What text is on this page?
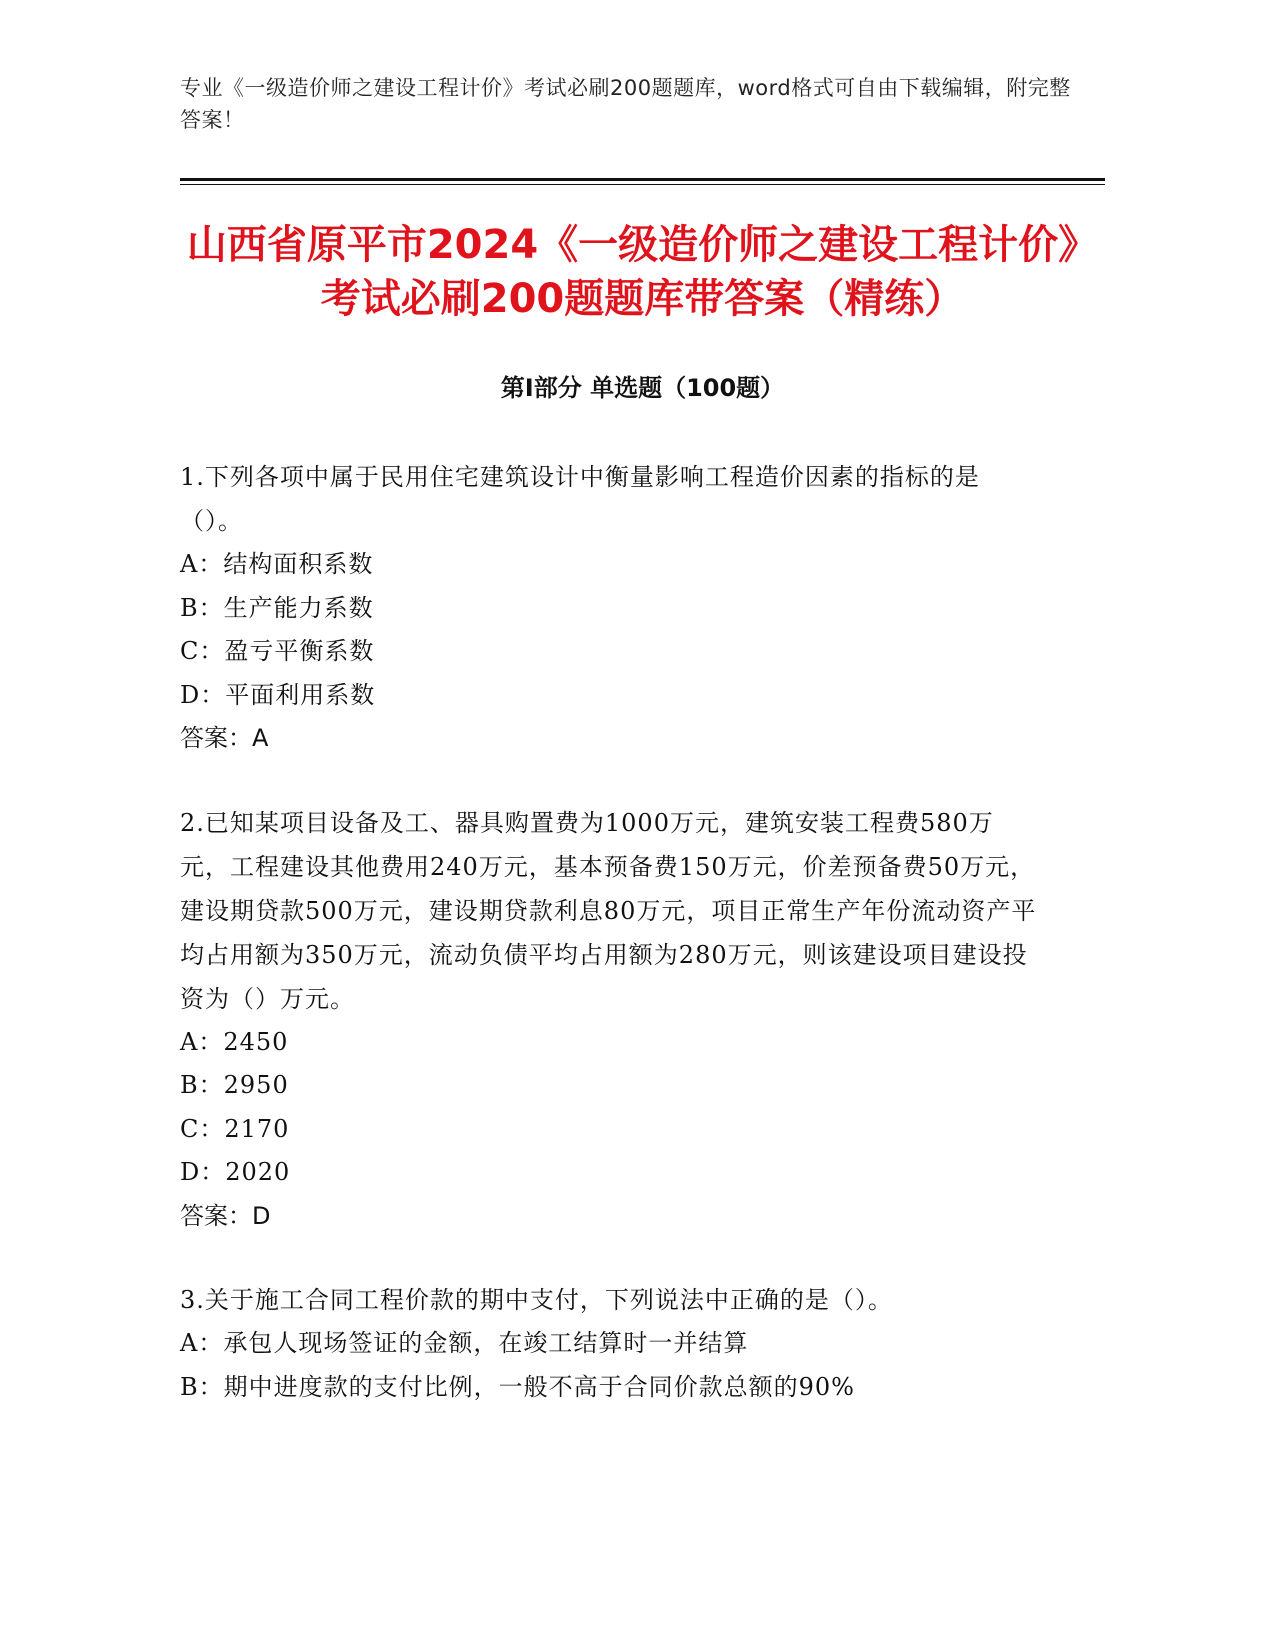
专业《一级造价师之建设工程计价》考试必刷200题题库，word格式可自由下载编辑，附完整答案！
山西省原平市2024《一级造价师之建设工程计价》考试必刷200题题库带答案（精练）
第I部分 单选题（100题）
1.下列各项中属于民用住宅建筑设计中衡量影响工程造价因素的指标的是（）。
A：结构面积系数
B：生产能力系数
C：盈亏平衡系数
D：平面利用系数
答案：A
2.已知某项目设备及工、器具购置费为1000万元，建筑安装工程费580万元，工程建设其他费用240万元，基本预备费150万元，价差预备费50万元，建设期贷款500万元，建设期贷款利息80万元，项目正常生产年份流动资产平均占用额为350万元，流动负债平均占用额为280万元，则该建设项目建设投资为（）万元。
A：2450
B：2950
C：2170
D：2020
答案：D
3.关于施工合同工程价款的期中支付，下列说法中正确的是（）。
A：承包人现场签证的金额，在竣工结算时一并结算
B：期中进度款的支付比例，一般不高于合同价款总额的90%
